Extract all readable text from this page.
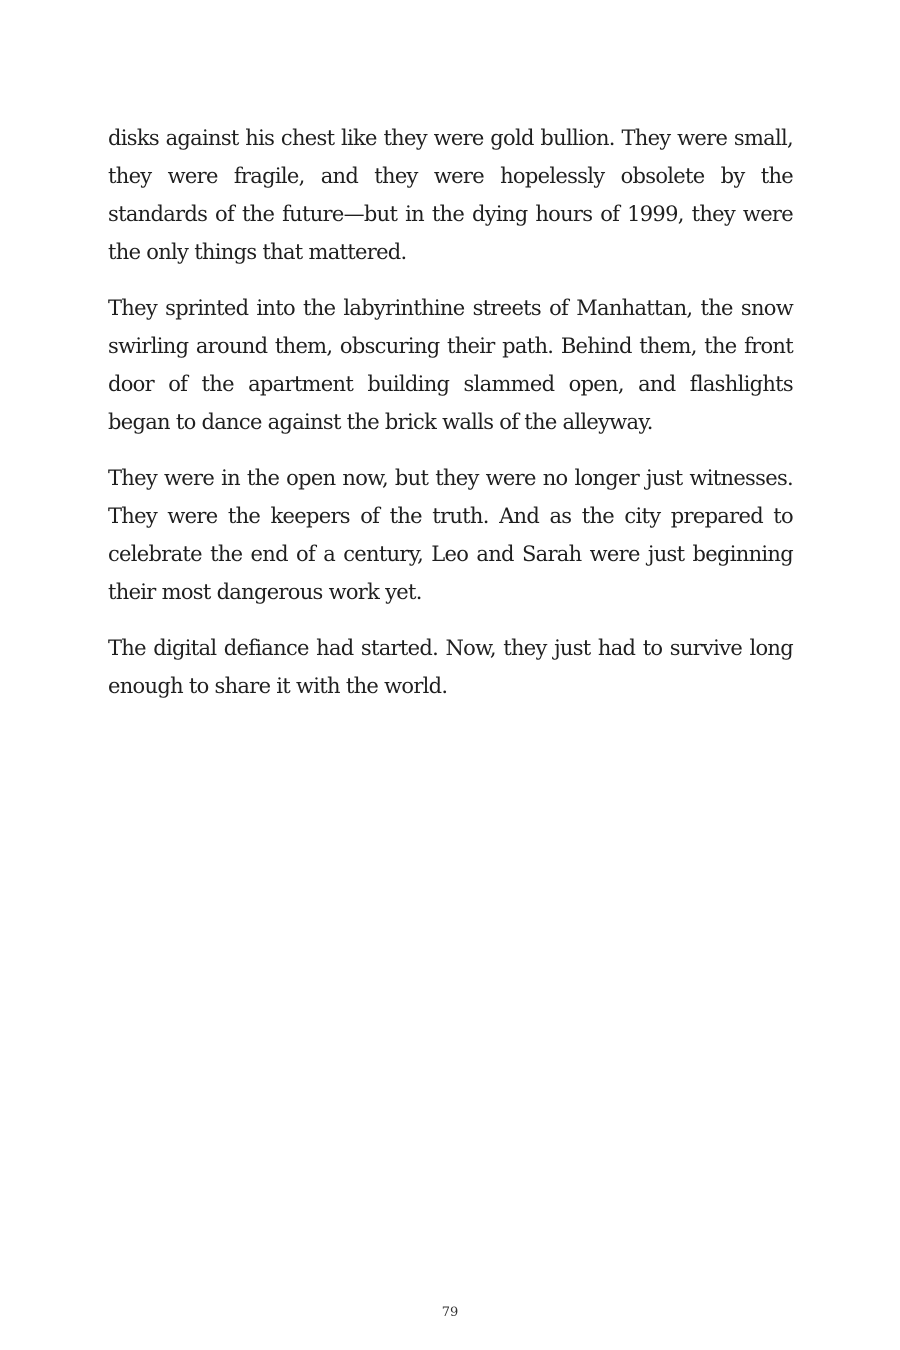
disks against his chest like they were gold bullion. They were small, they were fragile, and they were hopelessly obsolete by the standards of the future—but in the dying hours of 1999, they were the only things that mattered.

They sprinted into the labyrinthine streets of Manhattan, the snow swirling around them, obscuring their path. Behind them, the front door of the apartment building slammed open, and flashlights began to dance against the brick walls of the alleyway.

They were in the open now, but they were no longer just witnesses. They were the keepers of the truth. And as the city prepared to celebrate the end of a century, Leo and Sarah were just beginning their most dangerous work yet.

The digital defiance had started. Now, they just had to survive long enough to share it with the world.

79
